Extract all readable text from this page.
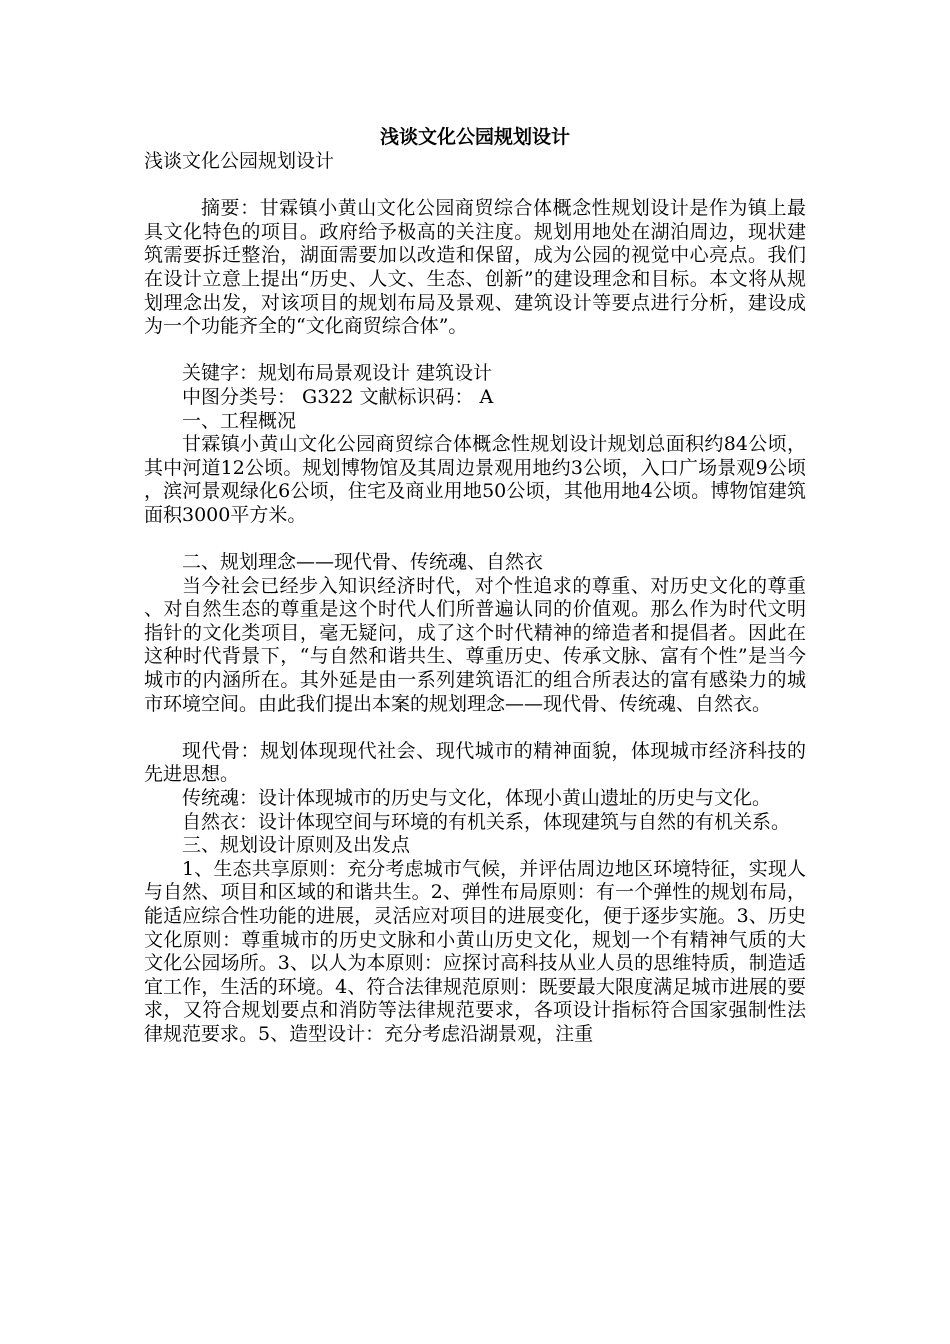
浅谈文化公园规划设计

浅谈文化公园规划设计

摘要：甘霖镇小黄山文化公园商贸综合体概念性规划设计是作为镇上最具文化特色的项目。政府给予极高的关注度。规划用地处在湖泊周边，现状建筑需要拆迁整治，湖面需要加以改造和保留，成为公园的视觉中心亮点。我们在设计立意上提出“历史、人文、生态、创新”的建设理念和目标。本文将从规划理念出发，对该项目的规划布局及景观、建筑设计等要点进行分析，建设成为一个功能齐全的“文化商贸综合体”。

关键字：规划布局景观设计 建筑设计

中图分类号： G322 文献标识码： A

一、工程概况

甘霖镇小黄山文化公园商贸综合体概念性规划设计规划总面积约84公顷，其中河道12公顷。规划博物馆及其周边景观用地约3公顷，入口广场景观9公顷，滨河景观绿化6公顷，住宅及商业用地50公顷，其他用地4公顷。博物馆建筑面积3000平方米。

二、规划理念——现代骨、传统魂、自然衣

当今社会已经步入知识经济时代，对个性追求的尊重、对历史文化的尊重、对自然生态的尊重是这个时代人们所普遍认同的价值观。那么作为时代文明指针的文化类项目，毫无疑问，成了这个时代精神的缔造者和提倡者。因此在这种时代背景下，“与自然和谐共生、尊重历史、传承文脉、富有个性”是当今城市的内涵所在。其外延是由一系列建筑语汇的组合所表达的富有感染力的城市环境空间。由此我们提出本案的规划理念——现代骨、传统魂、自然衣。

现代骨：规划体现现代社会、现代城市的精神面貌，体现城市经济科技的先进思想。

传统魂：设计体现城市的历史与文化，体现小黄山遗址的历史与文化。

自然衣：设计体现空间与环境的有机关系，体现建筑与自然的有机关系。

三、规划设计原则及出发点

1、生态共享原则：充分考虑城市气候，并评估周边地区环境特征，实现人与自然、项目和区域的和谐共生。2、弹性布局原则：有一个弹性的规划布局，能适应综合性功能的进展，灵活应对项目的进展变化，便于逐步实施。3、历史文化原则：尊重城市的历史文脉和小黄山历史文化，规划一个有精神气质的大文化公园场所。3、以人为本原则：应探讨高科技从业人员的思维特质，制造适宜工作，生活的环境。4、符合法律规范原则：既要最大限度满足城市进展的要求，又符合规划要点和消防等法律规范要求，各项设计指标符合国家强制性法律规范要求。5、造型设计：充分考虑沿湖景观，注重
